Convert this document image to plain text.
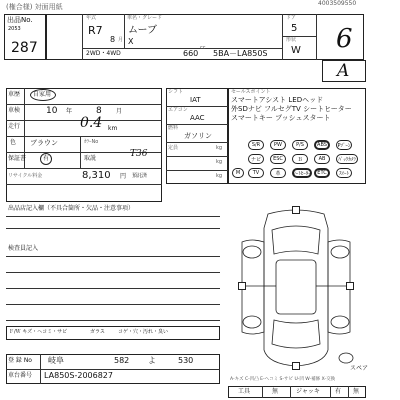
(権合様) 対面用紙	4003509550
出品No.
2053
287
年式
R7
8 月
車名・グレード
ムーブ
X
2WD・4WD	660
cc
5BA－LA850S
ドア
5
形状
W 6
A
車歴 自家用
車検	10 年	8 月
走行	0.4 km
色 ブラウン	ｶﾗｰNo
T36
保証書	有	取説
リサイクル料金	8,310 円 預託済
シフト
IAT
エアコン
AAC
燃料
ガソリン
定員	kg
kg
kg
セールスポイント
スマートアシスト LEDヘッド
外SDナビ フルセグTV シートヒーター
スマートキー プッシュスタート
S/R	PW	P/S	ABS
ナビ	ESC	Ｂ	AB
M	TV	革	ｼｰﾄﾋｰﾀｰ	ETC
Pｿﾞｰﾝ
ﾊﾞｯｸｶﾒﾗ
ｽﾏｰﾄ
出品店記入欄（不具合箇所・欠品・注意事項）
検査員記入
スペア
Ｆ/Ｗ キズ・ヘコミ・サビ	ガラス	コゲ・穴・汚れ・臭い
登 録 No 岐阜	582 よ	530
車台番号 LA850S-2006827	A-キズ C-凹凸 E-ヘコミ S-サビ U-凹 W-補修 X-交換
工具	無	ジャッキ	有 無
